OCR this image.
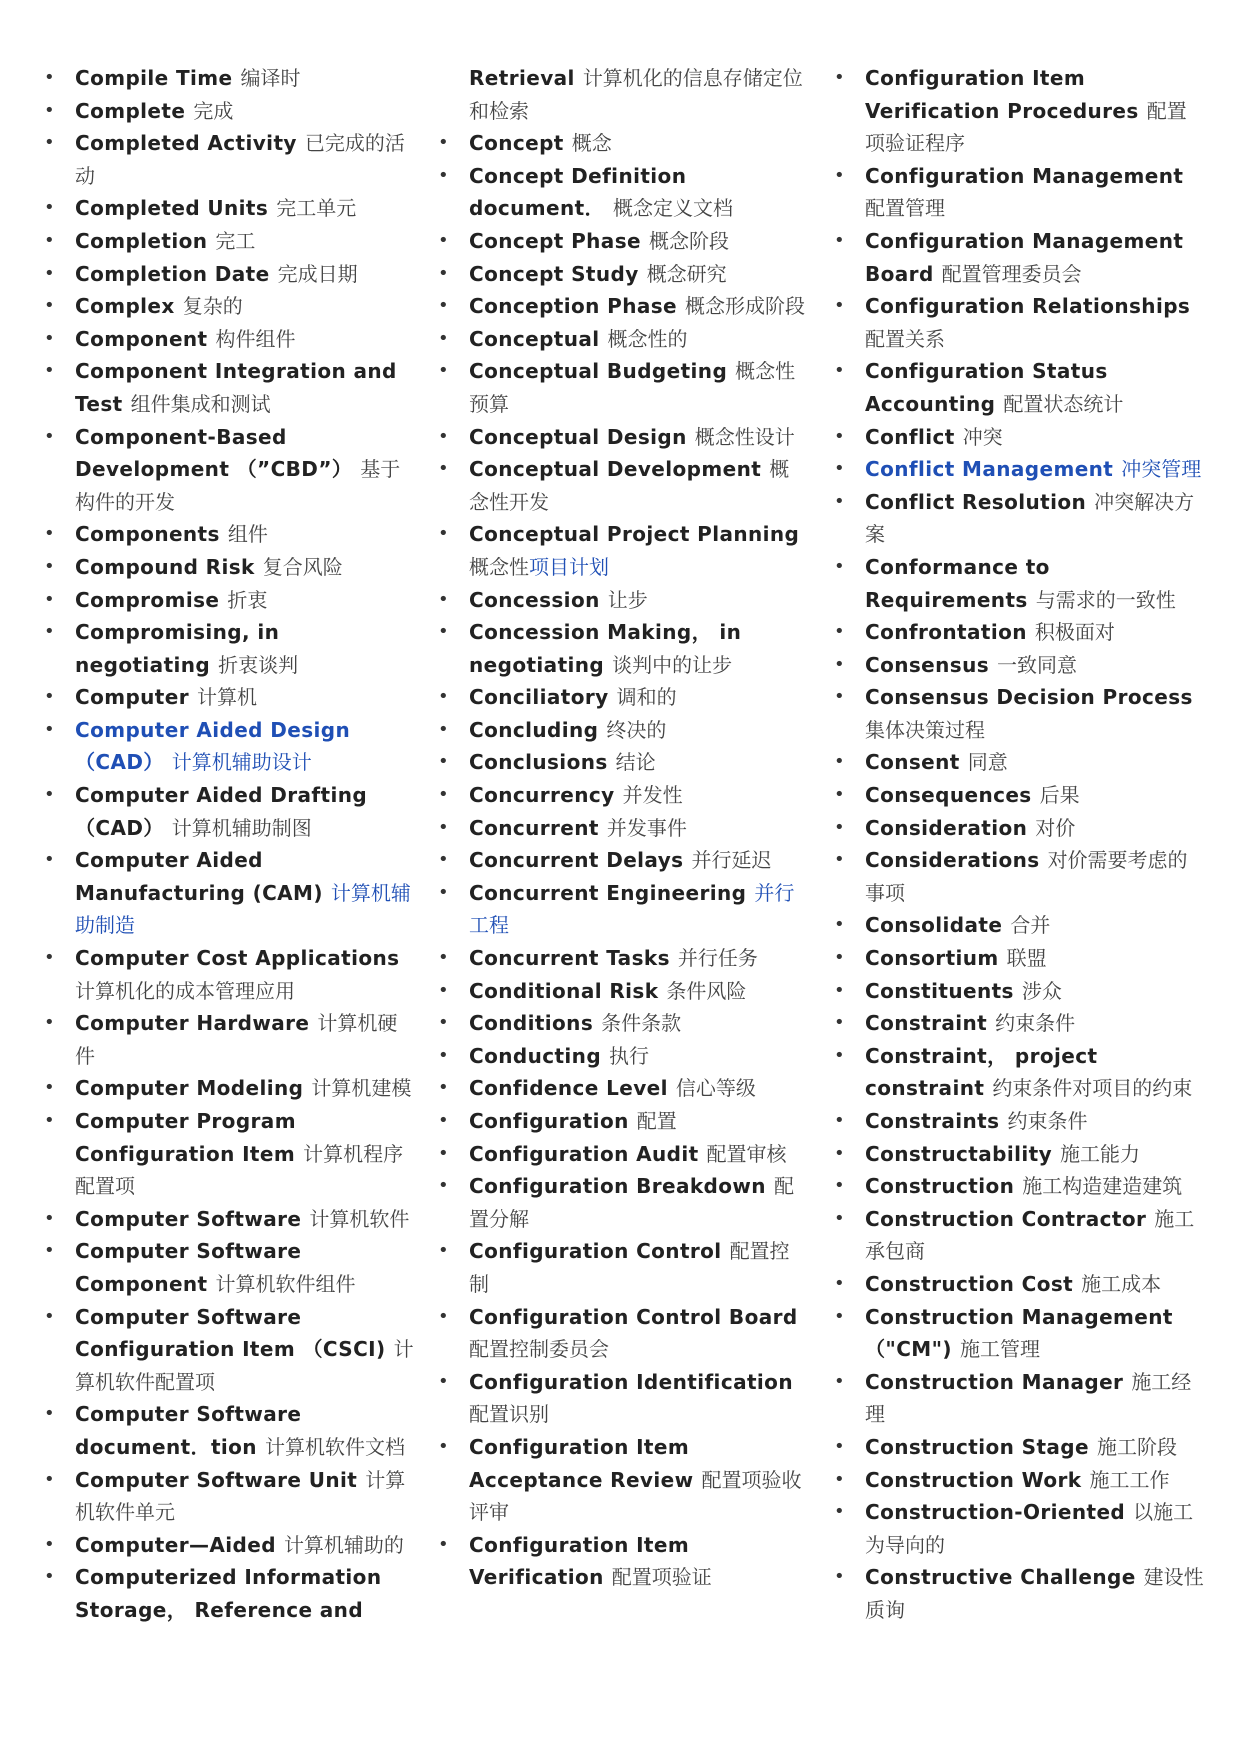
• Compile Time 编译时
• Complete 完成
• Completed Activity 已完成的活动
• Completed Units 完工单元
• Completion 完工
• Completion Date 完成日期
• Complex 复杂的
• Component 构件组件
• Component Integration and Test 组件集成和测试
• Component-Based Development （”CBD”） 基于构件的开发
• Components 组件
• Compound Risk 复合风险
• Compromise 折衷
• Compromising, in negotiating 折衷谈判
• Computer 计算机
• Computer Aided Design （CAD） 计算机辅助设计
• Computer Aided Drafting （CAD） 计算机辅助制图
• Computer Aided Manufacturing (CAM) 计算机辅助制造
• Computer Cost Applications计算机化的成本管理应用
• Computer Hardware 计算机硬件
• Computer Modeling 计算机建模
• Computer Program Configuration Item 计算机程序配置项
• Computer Software 计算机软件
• Computer Software Component 计算机软件组件
• Computer Software Configuration Item （CSCI) 计算机软件配置项
• Computer Software document．tion 计算机软件文档
• Computer Software Unit 计算机软件单元
• Computer—Aided 计算机辅助的
• Computerized Information Storage， Reference and
Retrieval 计算机化的信息存储定位和检索
• Concept 概念
• Concept Definition document． 概念定义文档
• Concept Phase 概念阶段
• Concept Study 概念研究
• Conception Phase 概念形成阶段
• Conceptual 概念性的
• Conceptual Budgeting 概念性预算
• Conceptual Design 概念性设计
• Conceptual Development 概念性开发
• Conceptual Project Planning概念性项目计划
• Concession 让步
• Concession Making， in negotiating 谈判中的让步
• Conciliatory 调和的
• Concluding 终决的
• Conclusions 结论
• Concurrency 并发性
• Concurrent 并发事件
• Concurrent Delays 并行延迟
• Concurrent Engineering 并行工程
• Concurrent Tasks 并行任务
• Conditional Risk 条件风险
• Conditions 条件条款
• Conducting 执行
• Confidence Level 信心等级
• Configuration 配置
• Configuration Audit 配置审核
• Configuration Breakdown 配置分解
• Configuration Control 配置控制
• Configuration Control Board配置控制委员会
• Configuration Identification配置识别
• Configuration Item Acceptance Review 配置项验收评审
• Configuration Item Verification 配置项验证
• Configuration Item Verification Procedures 配置项验证程序
• Configuration Management配置管理
• Configuration Management Board 配置管理委员会
• Configuration Relationships配置关系
• Configuration Status Accounting 配置状态统计
• Conflict 冲突
• Conflict Management 冲突管理
• Conflict Resolution 冲突解决方案
• Conformance to Requirements 与需求的一致性
• Confrontation 积极面对
• Consensus 一致同意
• Consensus Decision Process集体决策过程
• Consent 同意
• Consequences 后果
• Consideration 对价
• Considerations 对价需要考虑的事项
• Consolidate 合并
• Consortium 联盟
• Constituents 涉众
• Constraint 约束条件
• Constraint， project constraint 约束条件对项目的约束
• Constraints 约束条件
• Constructability 施工能力
• Construction 施工构造建造建筑
• Construction Contractor 施工承包商
• Construction Cost 施工成本
• Construction Management （"CM") 施工管理
• Construction Manager 施工经理
• Construction Stage 施工阶段
• Construction Work 施工工作
• Construction-Oriented 以施工为导向的
• Constructive Challenge 建设性质询
